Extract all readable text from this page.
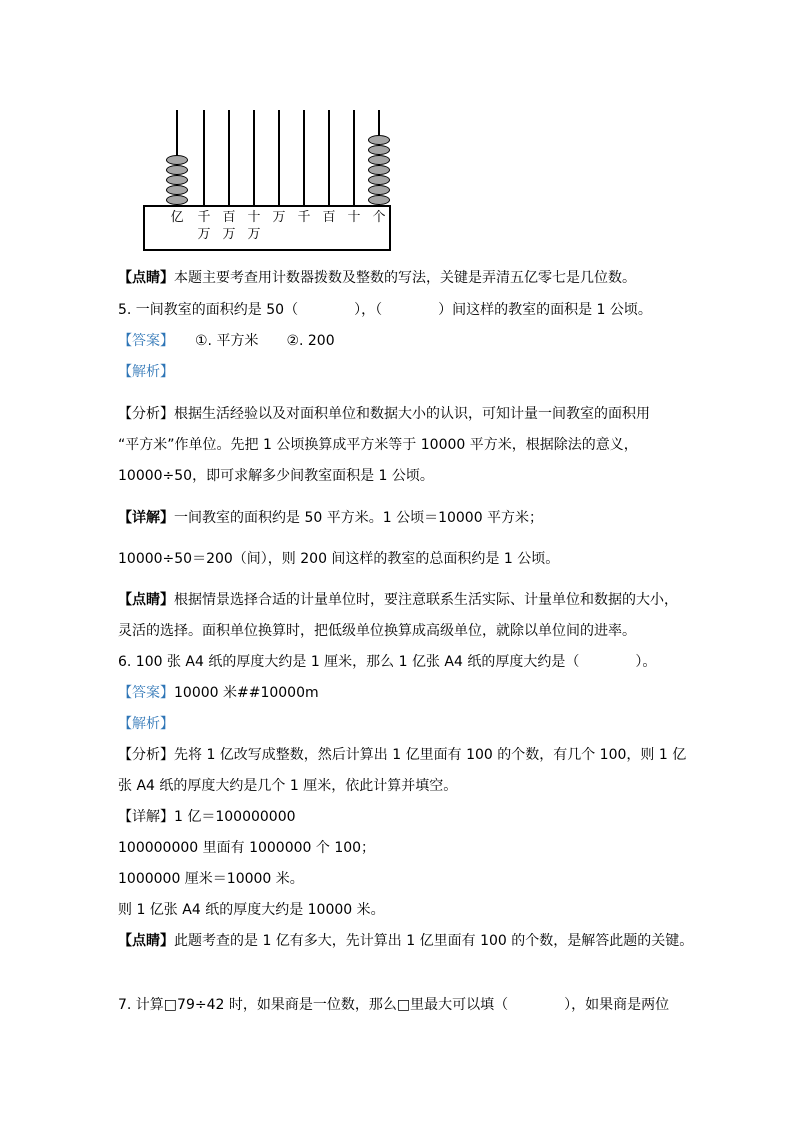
亿 千
万
百
万
十
万
万 千 百 十 个
【点睛】本题主要考查用计数器拨数及整数的写法，关键是弄清五亿零七是几位数。
5. 一间教室的面积约是 50（　　　　），（　　　　）间这样的教室的面积是 1 公顷。
【答案】　　①. 平方米　　②. 200
【解析】
【分析】根据生活经验以及对面积单位和数据大小的认识，可知计量一间教室的面积用
“平方米”作单位。先把 1 公顷换算成平方米等于 10000 平方米，根据除法的意义，
10000÷50，即可求解多少间教室面积是 1 公顷。
【详解】一间教室的面积约是 50 平方米。1 公顷＝10000 平方米；
10000÷50＝200（间），则 200 间这样的教室的总面积约是 1 公顷。
【点睛】根据情景选择合适的计量单位时，要注意联系生活实际、计量单位和数据的大小，
灵活的选择。面积单位换算时，把低级单位换算成高级单位，就除以单位间的进率。
6. 100 张 A4 纸的厚度大约是 1 厘米，那么 1 亿张 A4 纸的厚度大约是（　　　　）。
【答案】10000 米##10000m
【解析】
【分析】先将 1 亿改写成整数，然后计算出 1 亿里面有 100 的个数，有几个 100，则 1 亿
张 A4 纸的厚度大约是几个 1 厘米，依此计算并填空。
【详解】1 亿＝100000000
100000000 里面有 1000000 个 100；
1000000 厘米＝10000 米。
则 1 亿张 A4 纸的厚度大约是 10000 米。
【点睛】此题考查的是 1 亿有多大，先计算出 1 亿里面有 100 的个数，是解答此题的关键。
7. 计算□79÷42 时，如果商是一位数，那么□里最大可以填（　　　　），如果商是两位
